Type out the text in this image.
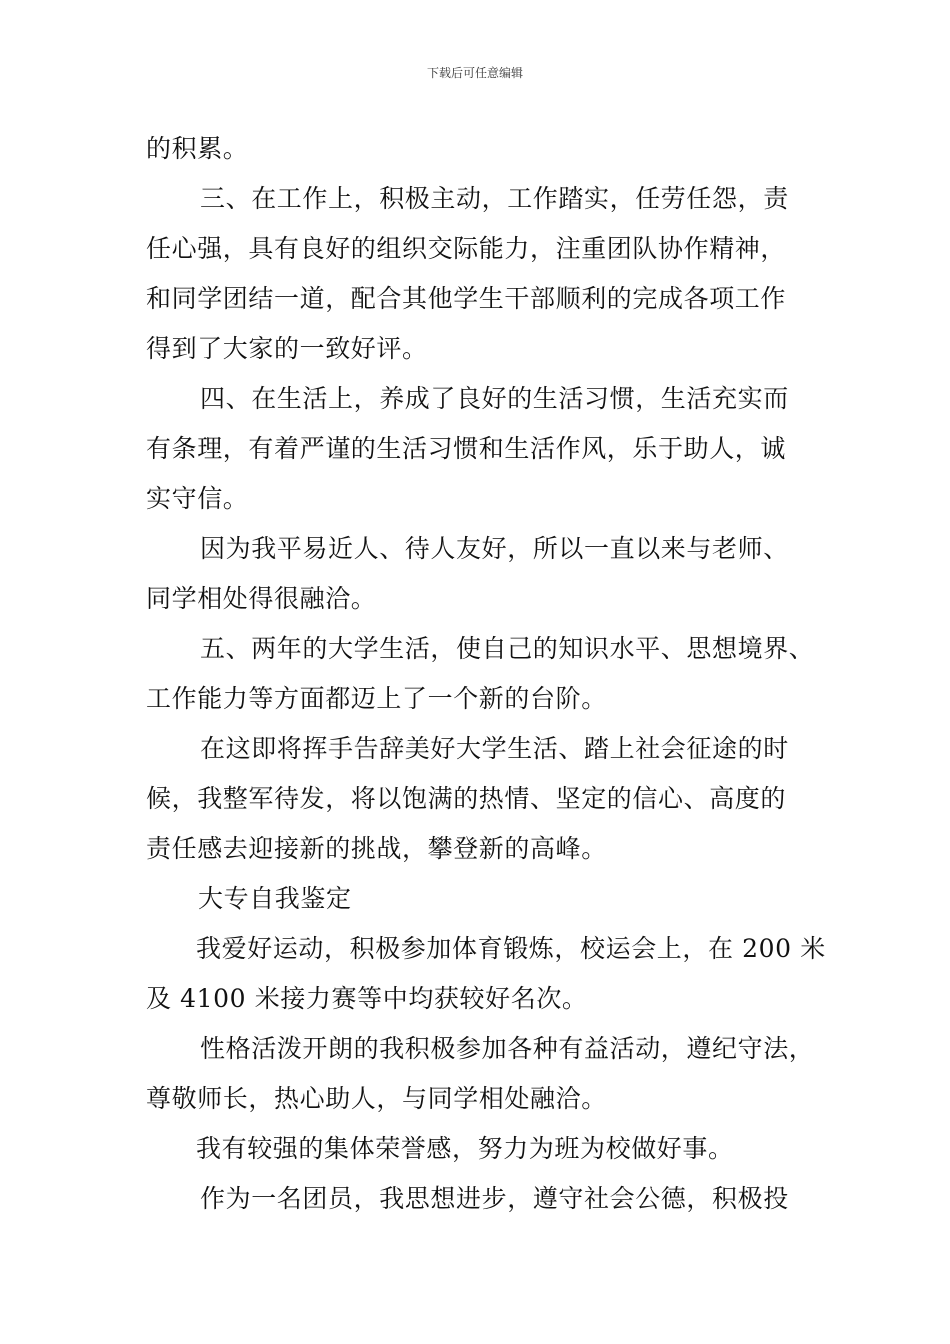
下载后可任意编辑
的积累。
三、在工作上，积极主动，工作踏实，任劳任怨，责
任心强，具有良好的组织交际能力，注重团队协作精神，
和同学团结一道，配合其他学生干部顺利的完成各项工作
得到了大家的一致好评。
四、在生活上，养成了良好的生活习惯，生活充实而
有条理，有着严谨的生活习惯和生活作风，乐于助人，诚
实守信。
因为我平易近人、待人友好，所以一直以来与老师、
同学相处得很融洽。
五、两年的大学生活，使自己的知识水平、思想境界、
工作能力等方面都迈上了一个新的台阶。
在这即将挥手告辞美好大学生活、踏上社会征途的时
候，我整军待发，将以饱满的热情、坚定的信心、高度的
责任感去迎接新的挑战，攀登新的高峰。
大专自我鉴定
我爱好运动，积极参加体育锻炼，校运会上，在 200 米
及 4100 米接力赛等中均获较好名次。
性格活泼开朗的我积极参加各种有益活动，遵纪守法，
尊敬师长，热心助人，与同学相处融洽。
我有较强的集体荣誉感，努力为班为校做好事。
作为一名团员，我思想进步，遵守社会公德，积极投
